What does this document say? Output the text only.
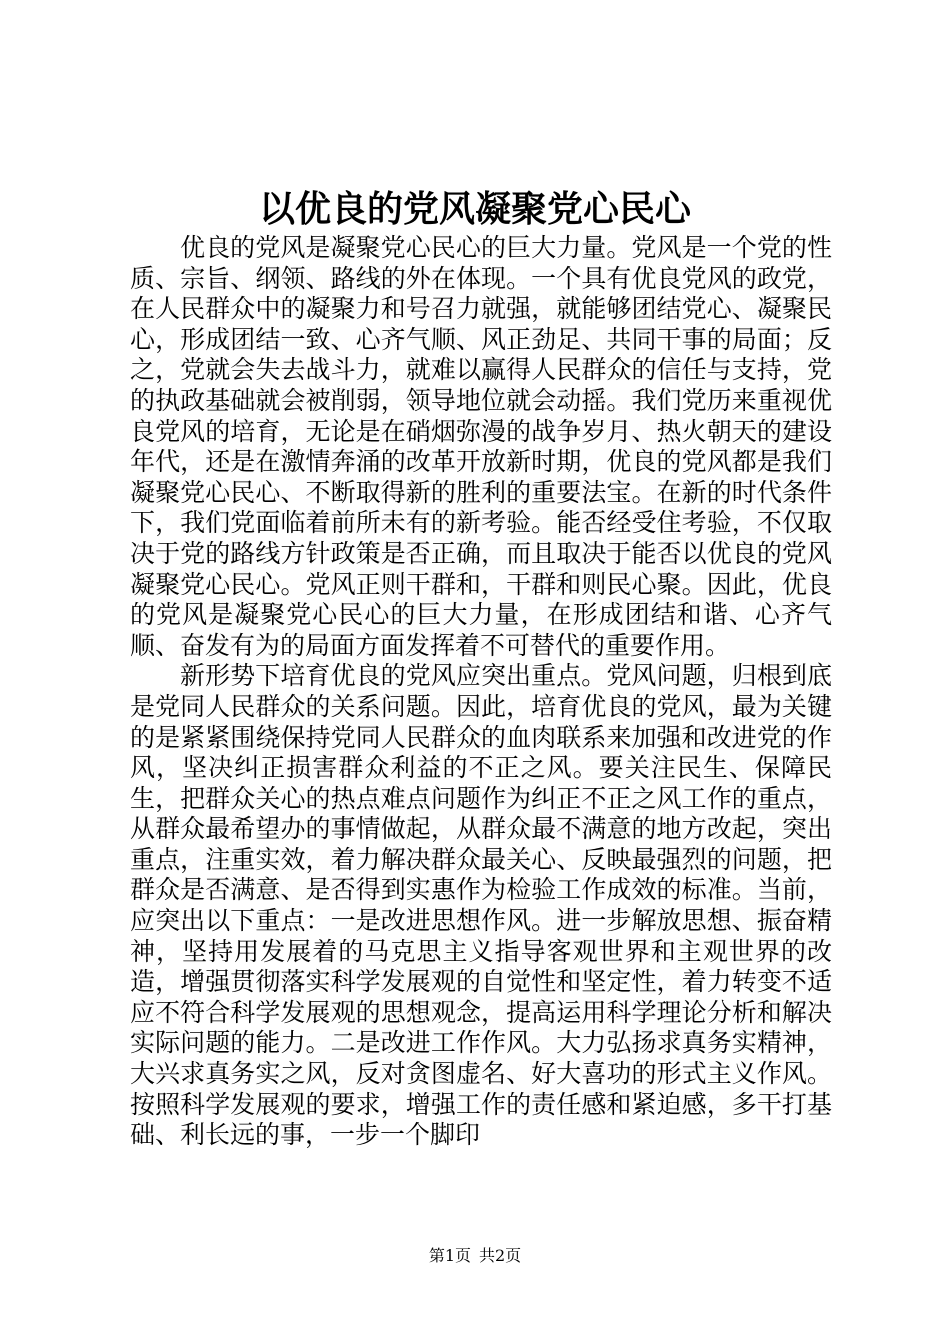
以优良的党风凝聚党心民心

优良的党风是凝聚党心民心的巨大力量。党风是一个党的性质、宗旨、纲领、路线的外在体现。一个具有优良党风的政党，在人民群众中的凝聚力和号召力就强，就能够团结党心、凝聚民心，形成团结一致、心齐气顺、风正劲足、共同干事的局面；反之，党就会失去战斗力，就难以赢得人民群众的信任与支持，党的执政基础就会被削弱，领导地位就会动摇。我们党历来重视优良党风的培育，无论是在硝烟弥漫的战争岁月、热火朝天的建设年代，还是在激情奔涌的改革开放新时期，优良的党风都是我们凝聚党心民心、不断取得新的胜利的重要法宝。在新的时代条件下，我们党面临着前所未有的新考验。能否经受住考验，不仅取决于党的路线方针政策是否正确，而且取决于能否以优良的党风凝聚党心民心。党风正则干群和，干群和则民心聚。因此，优良的党风是凝聚党心民心的巨大力量，在形成团结和谐、心齐气顺、奋发有为的局面方面发挥着不可替代的重要作用。

新形势下培育优良的党风应突出重点。党风问题，归根到底是党同人民群众的关系问题。因此，培育优良的党风，最为关键的是紧紧围绕保持党同人民群众的血肉联系来加强和改进党的作风，坚决纠正损害群众利益的不正之风。要关注民生、保障民生，把群众关心的热点难点问题作为纠正不正之风工作的重点，从群众最希望办的事情做起，从群众最不满意的地方改起，突出重点，注重实效，着力解决群众最关心、反映最强烈的问题，把群众是否满意、是否得到实惠作为检验工作成效的标准。当前，应突出以下重点：一是改进思想作风。进一步解放思想、振奋精神，坚持用发展着的马克思主义指导客观世界和主观世界的改造，增强贯彻落实科学发展观的自觉性和坚定性，着力转变不适应不符合科学发展观的思想观念，提高运用科学理论分析和解决实际问题的能力。二是改进工作作风。大力弘扬求真务实精神，大兴求真务实之风，反对贪图虚名、好大喜功的形式主义作风。按照科学发展观的要求，增强工作的责任感和紧迫感，多干打基础、利长远的事，一步一个脚印

第1页 共2页
